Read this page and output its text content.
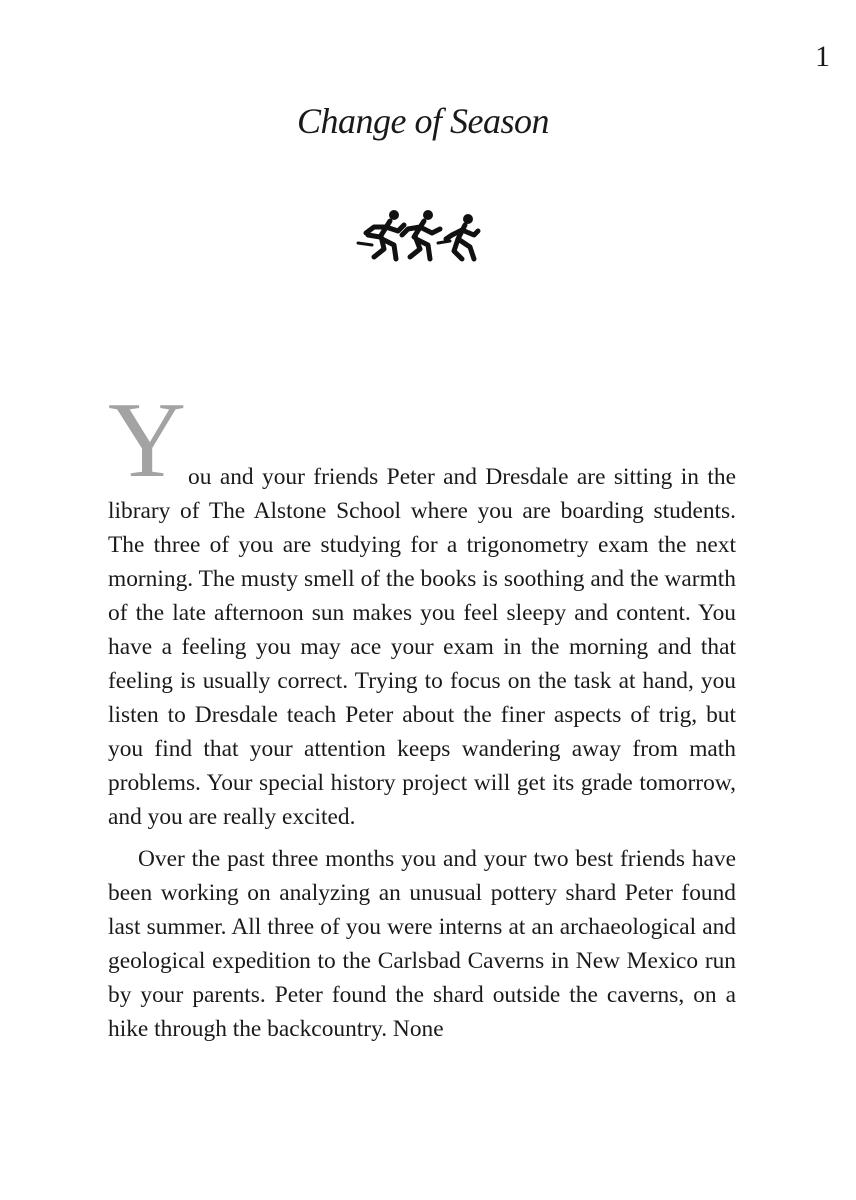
1
Change of Season

You and your friends Peter and Dresdale are sitting in the library of The Alstone School where you are boarding students. The three of you are studying for a trigonometry exam the next morning. The musty smell of the books is soothing and the warmth of the late afternoon sun makes you feel sleepy and content. You have a feeling you may ace your exam in the morning and that feeling is usually correct. Trying to focus on the task at hand, you listen to Dresdale teach Peter about the finer aspects of trig, but you find that your attention keeps wandering away from math problems. Your special history project will get its grade tomorrow, and you are really excited.

Over the past three months you and your two best friends have been working on analyzing an unusual pottery shard Peter found last summer. All three of you were interns at an archaeological and geological expedition to the Carlsbad Caverns in New Mexico run by your parents. Peter found the shard outside the caverns, on a hike through the backcountry. None
